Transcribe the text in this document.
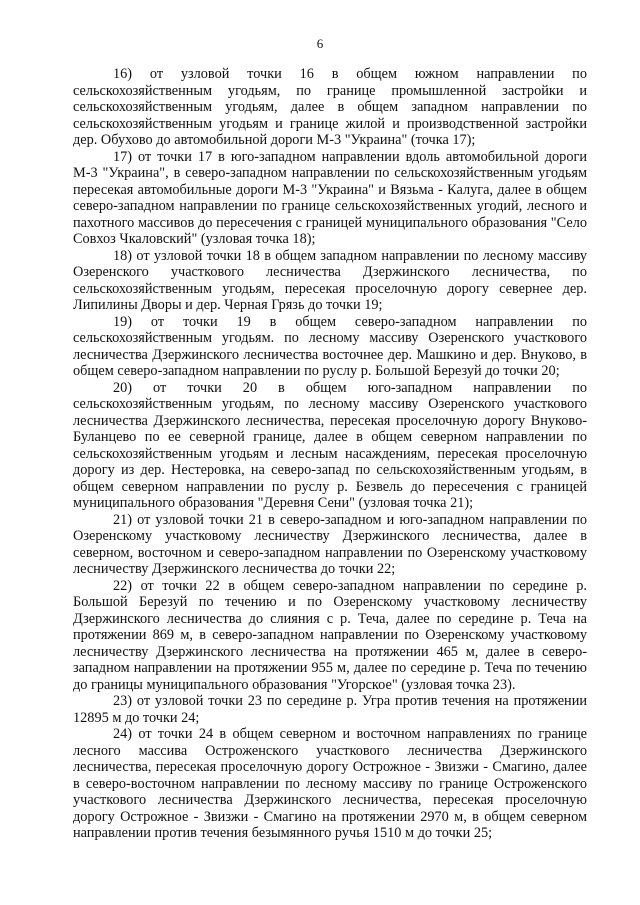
6

16) от узловой точки 16 в общем южном направлении по сельскохозяйственным угодьям, по границе промышленной застройки и сельскохозяйственным угодьям, далее в общем западном направлении по сельскохозяйственным угодьям и границе жилой и производственной застройки дер. Обухово до автомобильной дороги М-3 "Украина" (точка 17);

17) от точки 17 в юго-западном направлении вдоль автомобильной дороги М-3 "Украина", в северо-западном направлении по сельскохозяйственным угодьям пересекая автомобильные дороги М-3 "Украина" и Вязьма - Калуга, далее в общем северо-западном направлении по границе сельскохозяйственных угодий, лесного и пахотного массивов до пересечения с границей муниципального образования "Село Совхоз Чкаловский" (узловая точка 18);

18) от узловой точки 18 в общем западном направлении по лесному массиву Озеренского участкового лесничества Дзержинского лесничества, по сельскохозяйственным угодьям, пересекая проселочную дорогу севернее дер. Липилины Дворы и дер. Черная Грязь до точки 19;

19) от точки 19 в общем северо-западном направлении по сельскохозяйственным угодьям. по лесному массиву Озеренского участкового лесничества Дзержинского лесничества восточнее дер. Машкино и дер. Внуково, в общем северо-западном направлении по руслу р. Большой Березуй до точки 20;

20) от точки 20 в общем юго-западном направлении по сельскохозяйственным угодьям, по лесному массиву Озеренского участкового лесничества Дзержинского лесничества, пересекая проселочную дорогу Внуково-Буланцево по ее северной границе, далее в общем северном направлении по сельскохозяйственным угодьям и лесным насаждениям, пересекая проселочную дорогу из дер. Нестеровка, на северо-запад по сельскохозяйственным угодьям, в общем северном направлении по руслу р. Безвель до пересечения с границей муниципального образования "Деревня Сени" (узловая точка 21);

21) от узловой точки 21 в северо-западном и юго-западном направлении по Озеренскому участковому лесничеству Дзержинского лесничества, далее в северном, восточном и северо-западном направлении по Озеренскому участковому лесничеству Дзержинского лесничества до точки 22;

22) от точки 22 в общем северо-западном направлении по середине р. Большой Березуй по течению и по Озеренскому участковому лесничеству Дзержинского лесничества до слияния с р. Теча, далее по середине р. Теча на протяжении 869 м, в северо-западном направлении по Озеренскому участковому лесничеству Дзержинского лесничества на протяжении 465 м, далее в северо-западном направлении на протяжении 955 м, далее по середине р. Теча по течению до границы муниципального образования "Угорское" (узловая точка 23).

23) от узловой точки 23 по середине р. Угра против течения на протяжении 12895 м до точки 24;

24) от точки 24 в общем северном и восточном направлениях по границе лесного массива Остроженского участкового лесничества Дзержинского лесничества, пересекая проселочную дорогу Острожное - Звизжи - Смагино, далее в северо-восточном направлении по лесному массиву по границе Остроженского участкового лесничества Дзержинского лесничества, пересекая проселочную дорогу Острожное - Звизжи - Смагино на протяжении 2970 м, в общем северном направлении против течения безымянного ручья 1510 м до точки 25;
